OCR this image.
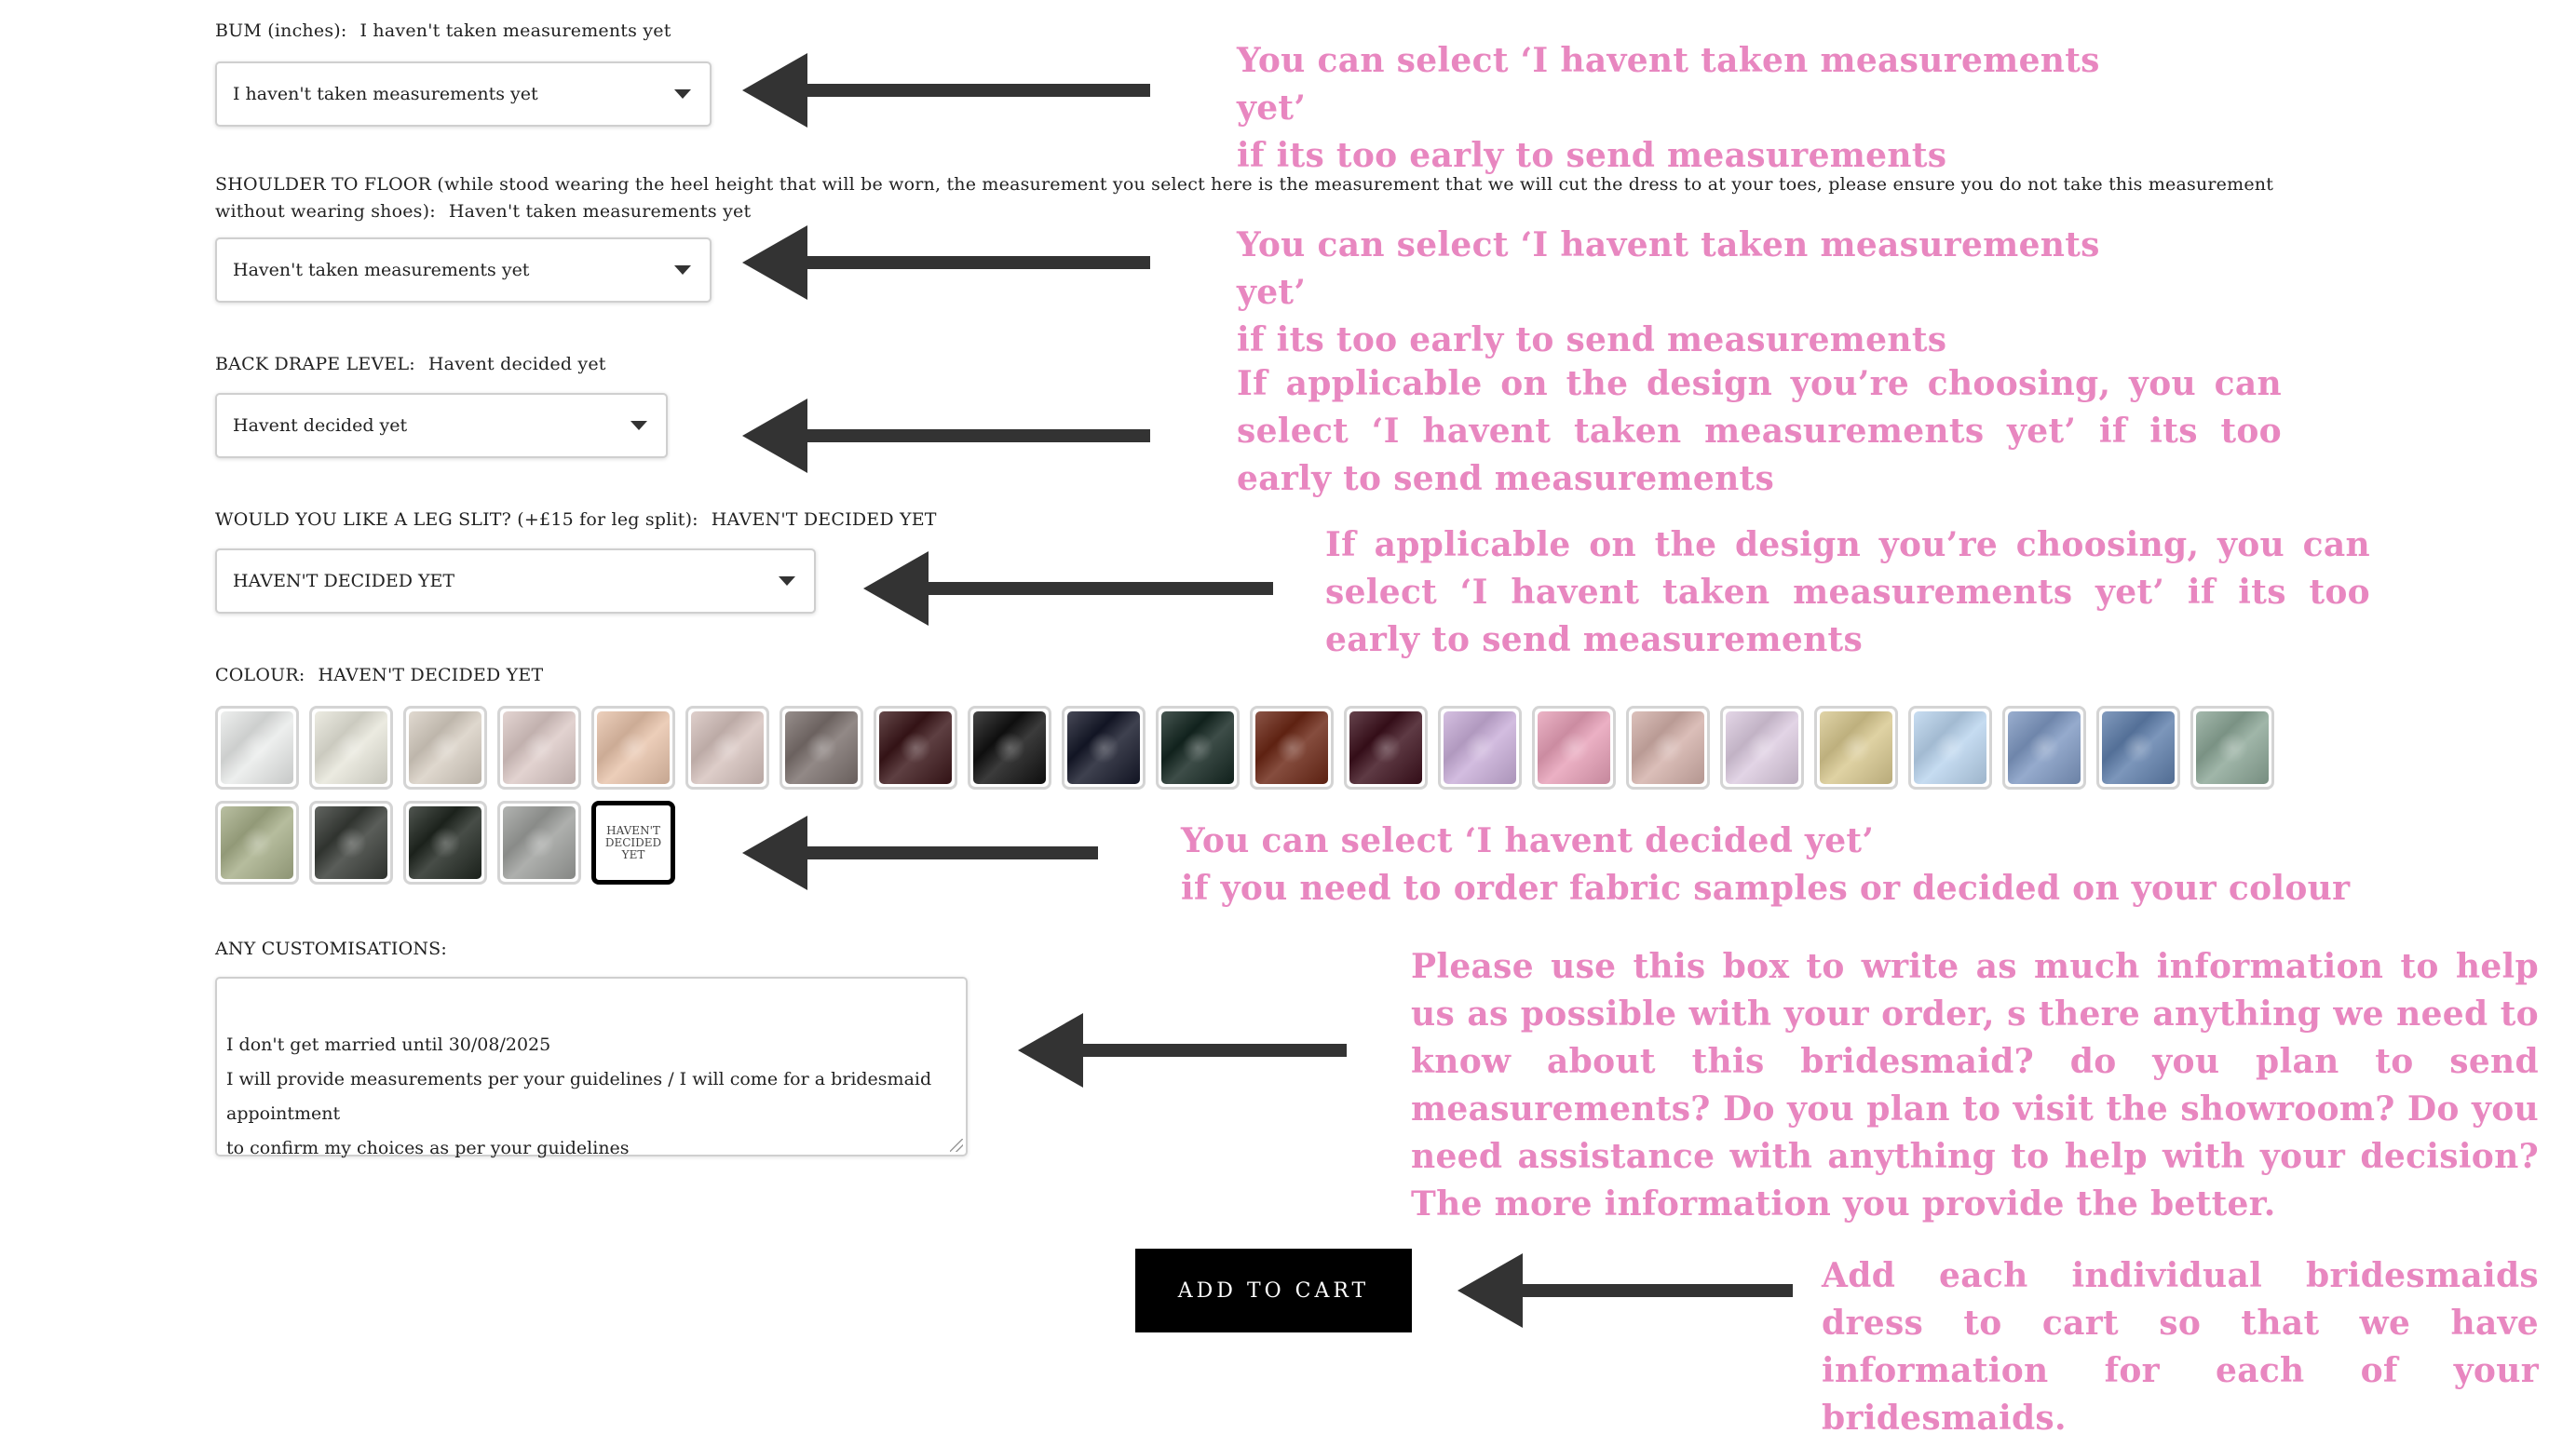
BUM (inches): I haven't taken measurements yet
I haven't taken measurements yet
SHOULDER TO FLOOR (while stood wearing the heel height that will be worn, the measurement you select here is the measurement that we will cut the dress to at your toes, please ensure you do not take this measurement without wearing shoes): Haven't taken measurements yet
Haven't taken measurements yet
BACK DRAPE LEVEL: Havent decided yet
Havent decided yet
WOULD YOU LIKE A LEG SLIT? (+£15 for leg split): HAVEN'T DECIDED YET
HAVEN'T DECIDED YET
COLOUR: HAVEN'T DECIDED YET
HAVEN'T DECIDED YET
ANY CUSTOMISATIONS:

I don't get married until 30/08/2025
I will provide measurements per your guidelines / I will come for a bridesmaid appointment
to confirm my choices as per your guidelines

ADD TO CART
You can select ‘I havent taken measurements yet’
if its too early to send measurements
You can select ‘I havent taken measurements yet’
if its too early to send measurements
If applicable on the design you’re choosing, you can select ‘I havent taken measurements yet’ if its too early to send measurements
If applicable on the design you’re choosing, you can select ‘I havent taken measurements yet’ if its too early to send measurements
You can select ‘I havent decided yet’
if you need to order fabric samples or decided on your colour
Please use this box to write as much information to help us as possible with your order, s there anything we need to know about this bridesmaid? do you plan to send measurements? Do you plan to visit the showroom? Do you need assistance with anything to help with your decision? The more information you provide the better.
Add each individual bridesmaids dress to cart so that we have information for each of your bridesmaids.
